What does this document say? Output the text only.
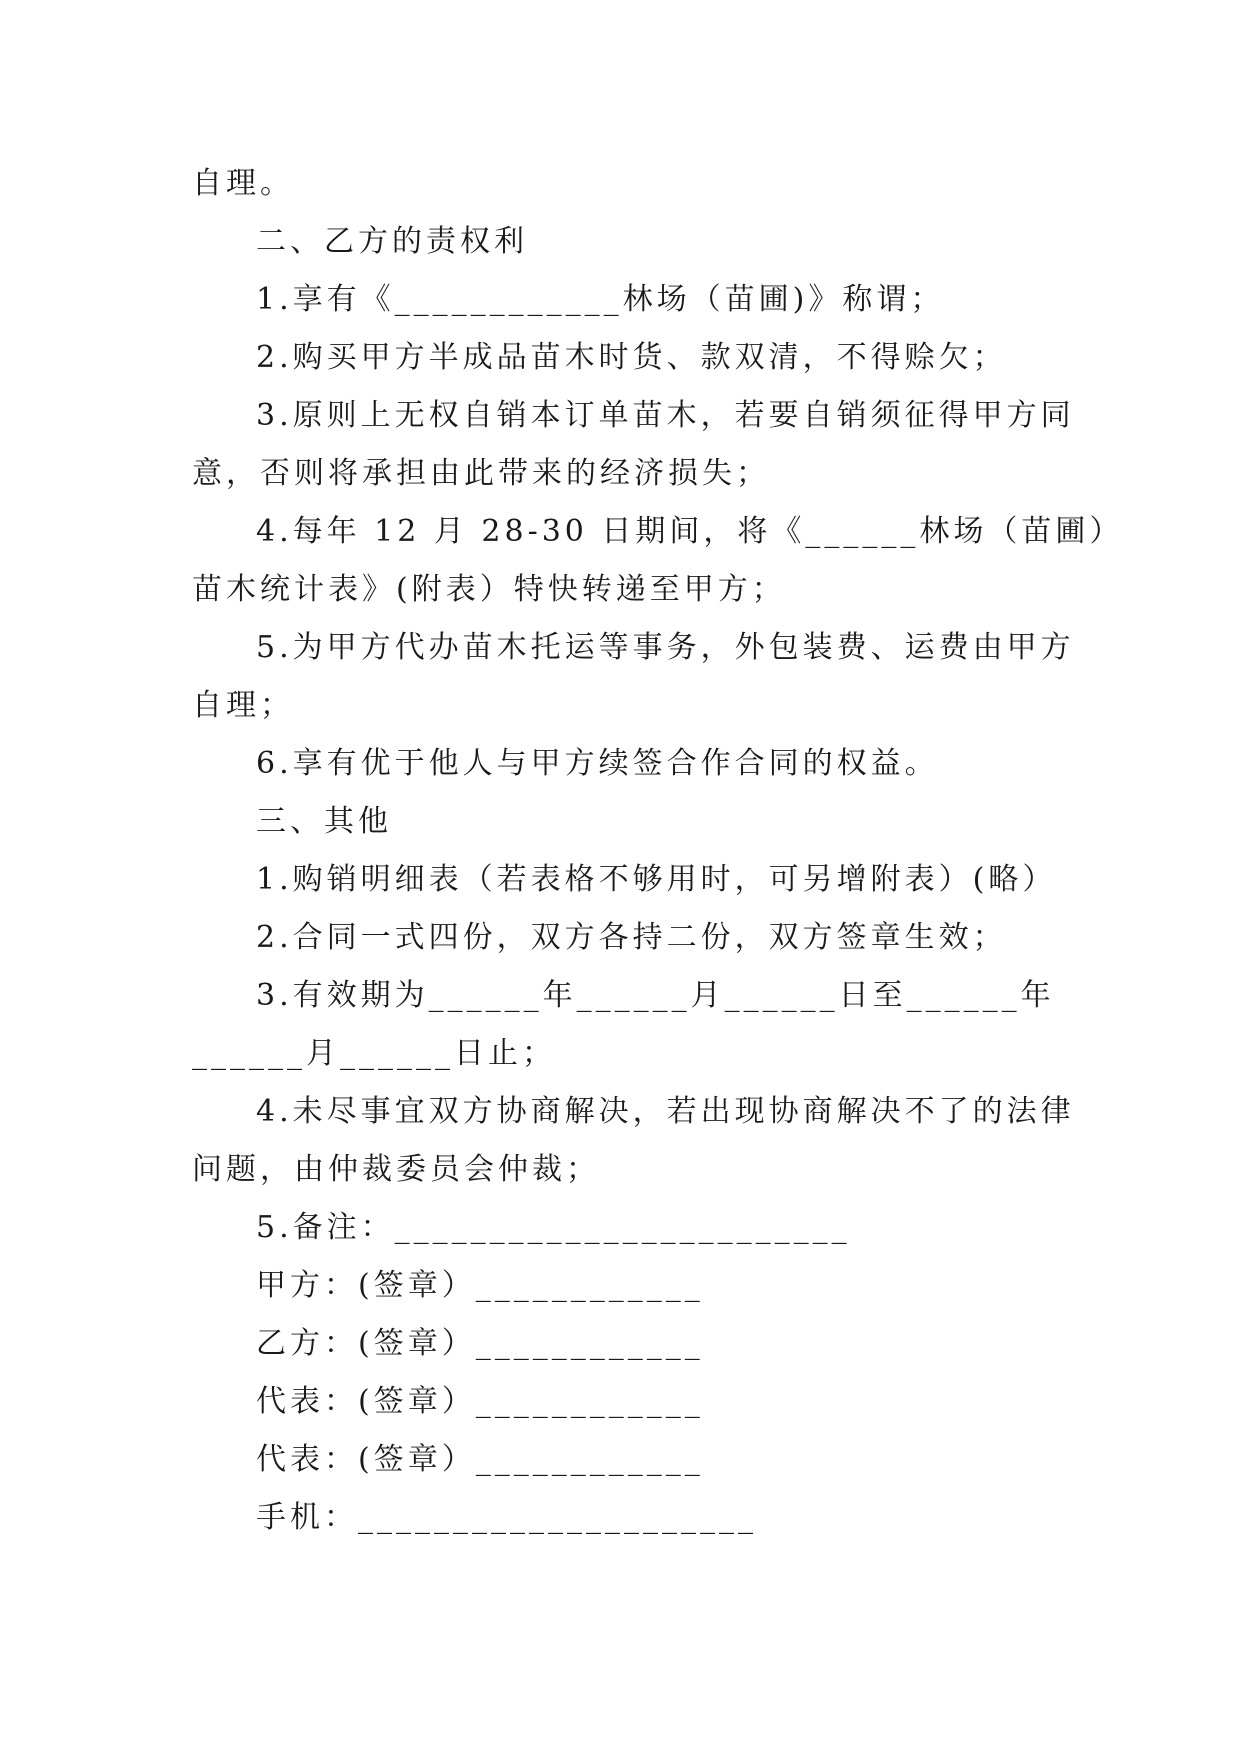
自理。

二、乙方的责权利

1.享有《____________林场（苗圃)》称谓；

2.购买甲方半成品苗木时货、款双清，不得赊欠；

3.原则上无权自销本订单苗木，若要自销须征得甲方同

意，否则将承担由此带来的经济损失；

4.每年 12 月 28-30 日期间，将《______林场（苗圃）

苗木统计表》(附表）特快转递至甲方；

5.为甲方代办苗木托运等事务，外包装费、运费由甲方

自理；

6.享有优于他人与甲方续签合作合同的权益。

三、其他

1.购销明细表（若表格不够用时，可另增附表）(略）

2.合同一式四份，双方各持二份，双方签章生效；

3.有效期为______年______月______日至______年

______月______日止；

4.未尽事宜双方协商解决，若出现协商解决不了的法律

问题，由仲裁委员会仲裁；

5.备注：________________________

甲方：(签章）____________

乙方：(签章）____________

代表：(签章）____________

代表：(签章）____________

手机：_____________________
